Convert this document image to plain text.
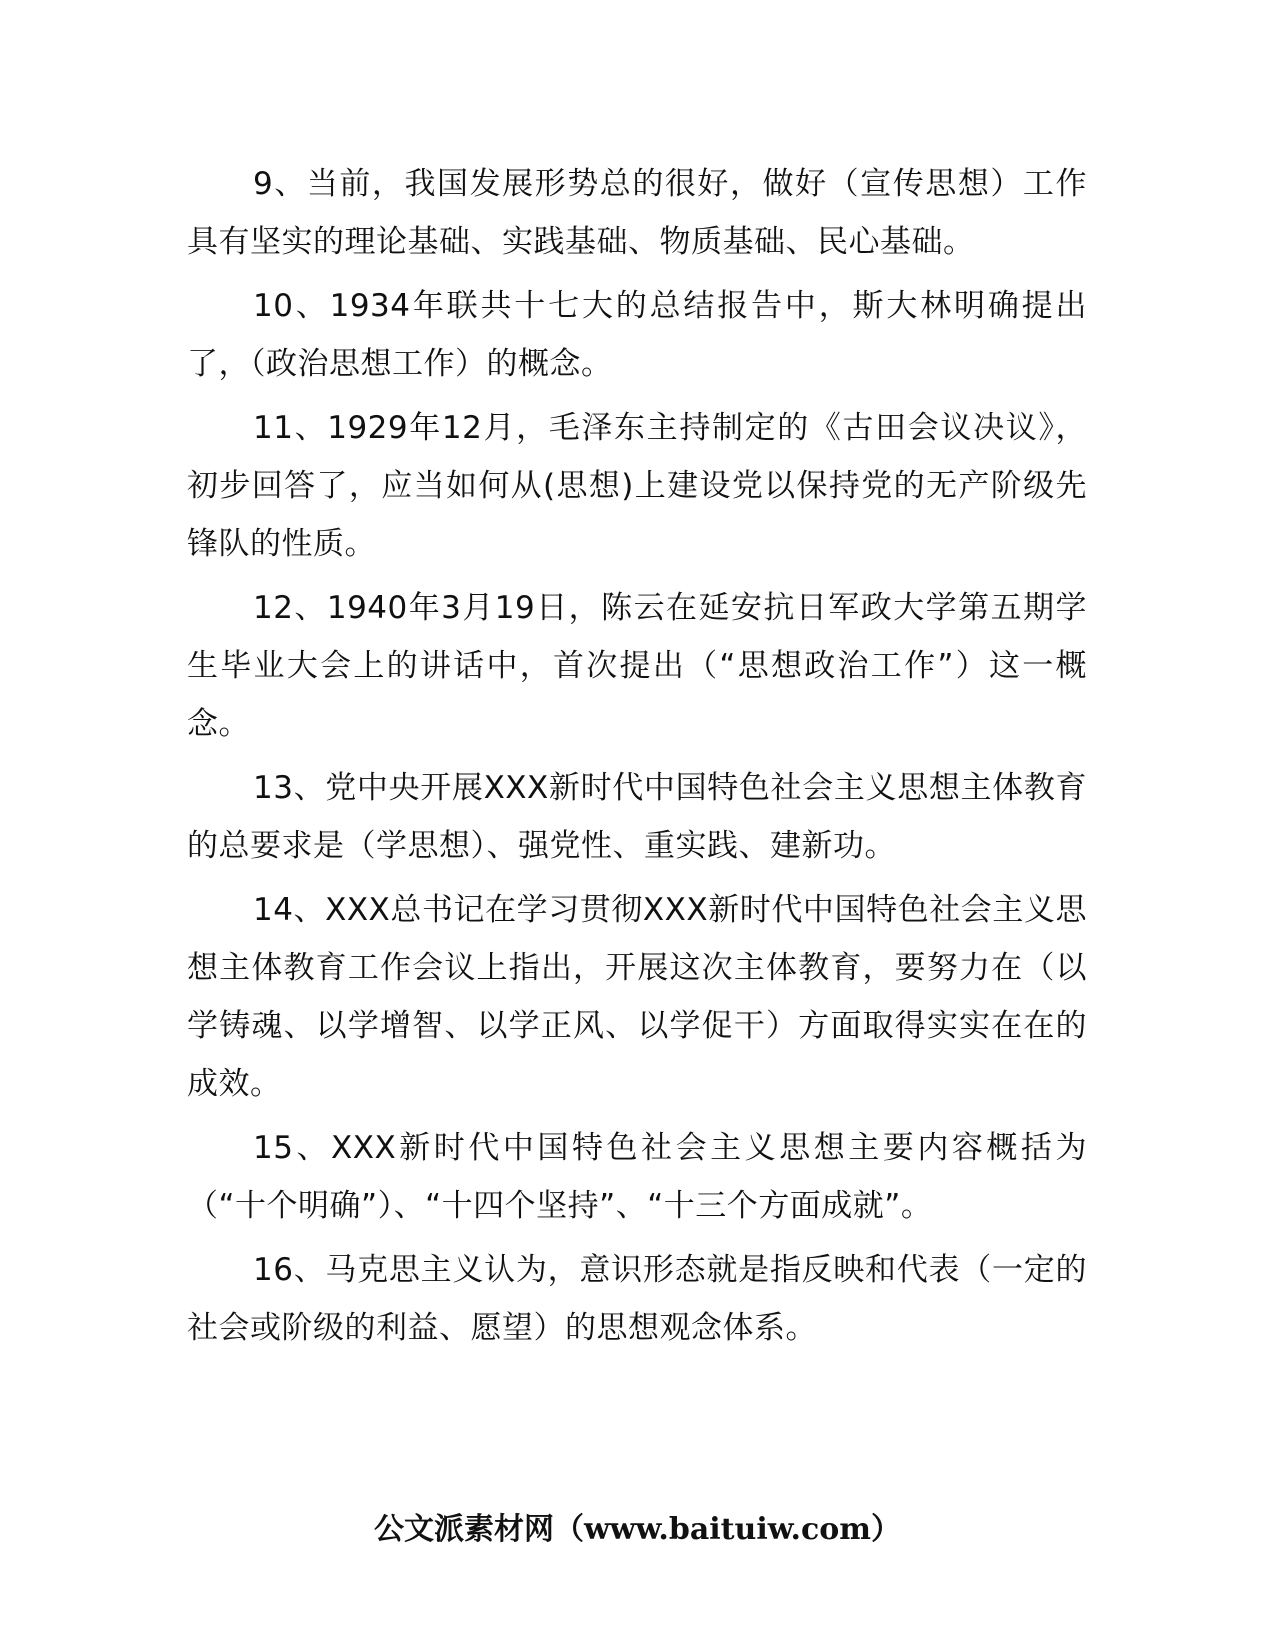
9、当前，我国发展形势总的很好，做好（宣传思想）工作具有坚实的理论基础、实践基础、物质基础、民心基础。

10、1934年联共十七大的总结报告中，斯大林明确提出了，（政治思想工作）的概念。

11、1929年12月，毛泽东主持制定的《古田会议决议》，初步回答了，应当如何从(思想)上建设党以保持党的无产阶级先锋队的性质。

12、1940年3月19日，陈云在延安抗日军政大学第五期学生毕业大会上的讲话中，首次提出（“思想政治工作”）这一概念。

13、党中央开展XXX新时代中国特色社会主义思想主体教育的总要求是（学思想）、强党性、重实践、建新功。

14、XXX总书记在学习贯彻XXX新时代中国特色社会主义思想主体教育工作会议上指出，开展这次主体教育，要努力在（以学铸魂、以学增智、以学正风、以学促干）方面取得实实在在的成效。

15、XXX新时代中国特色社会主义思想主要内容概括为（“十个明确”）、“十四个坚持”、“十三个方面成就”。

16、马克思主义认为，意识形态就是指反映和代表（一定的社会或阶级的利益、愿望）的思想观念体系。

公文派素材网（www.baituiw.com）
